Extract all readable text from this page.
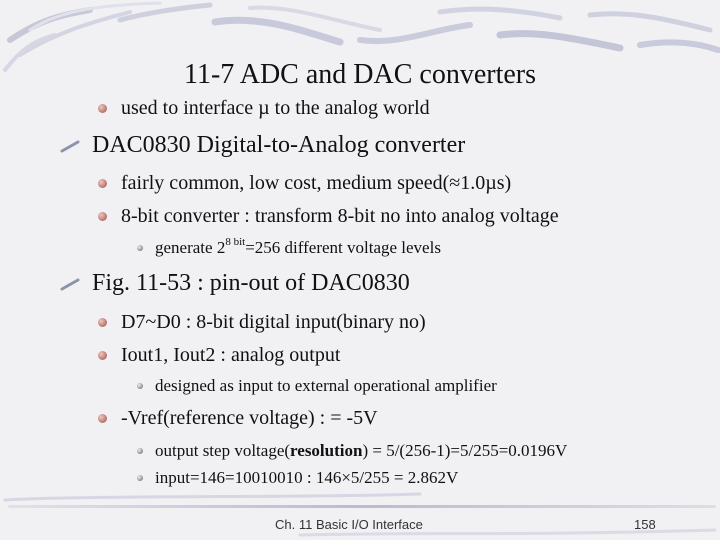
11-7 ADC and DAC converters
used to interface µ to the analog world
DAC0830 Digital-to-Analog converter
fairly common, low cost, medium speed(≈1.0µs)
8-bit converter : transform 8-bit no into analog voltage
generate $2^{8 bit}=256$ different voltage levels
Fig. 11-53 : pin-out of DAC0830
D7~D0 : 8-bit digital input(binary no)
Iout1, Iout2 : analog output
designed as input to external operational amplifier
-Vref(reference voltage) : = -5V
output step voltage(resolution) = 5/(256-1)=5/255=0.0196V
input=146=10010010 : 146×5/255 = 2.862V
Ch. 11 Basic I/O Interface	158
